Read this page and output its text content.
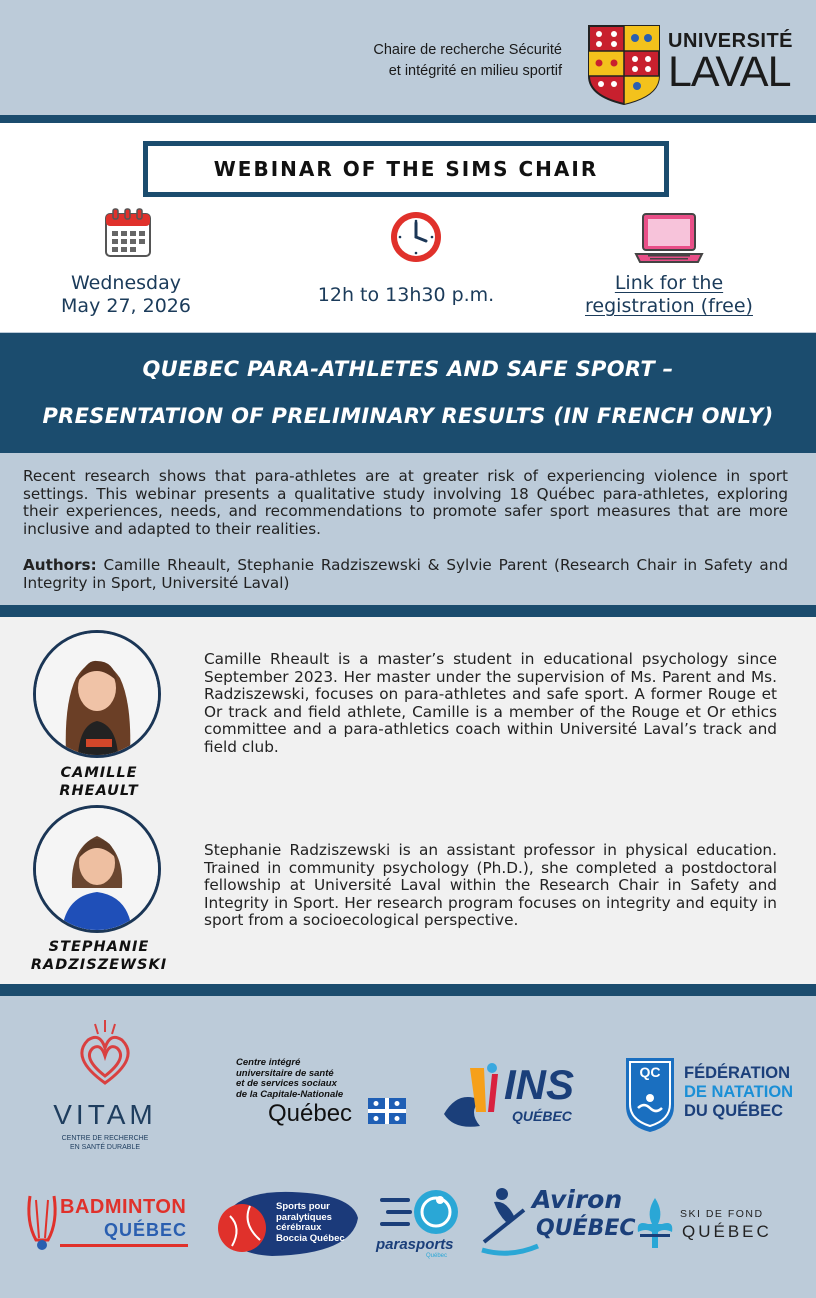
Chaire de recherche Sécurité
et intégrité en milieu sportif
UNIVERSITÉ
LAVAL
WEBINAR OF THE SIMS CHAIR
Wednesday
May 27, 2026	12h to 13h30 p.m.
Link for the
registration (free)
QUEBEC PARA-ATHLETES AND SAFE SPORT –
PRESENTATION OF PRELIMINARY RESULTS (IN FRENCH ONLY)

Recent research shows that para-athletes are at greater risk of experiencing violence in sport settings. This webinar presents a qualitative study involving 18 Québec para-athletes, exploring their experiences, needs, and recommendations to promote safer sport measures that are more inclusive and adapted to their realities.

Authors: Camille Rheault, Stephanie Radziszewski & Sylvie Parent (Research Chair in Safety and Integrity in Sport, Université Laval)

CAMILLE RHEAULT

Camille Rheault is a master’s student in educational psychology since September 2023. Her master under the supervision of Ms. Parent and Ms. Radziszewski, focuses on para-athletes and safe sport. A former Rouge et Or track and field athlete, Camille is a member of the Rouge et Or ethics committee and a para-athletics coach within Université Laval’s track and field club.

STEPHANIE
RADZISZEWSKI

Stephanie Radziszewski is an assistant professor in physical education. Trained in community psychology (Ph.D.), she completed a postdoctoral fellowship at Université Laval within the Research Chair in Safety and Integrity in Sport. Her research program focuses on integrity and equity in sport from a socioecological perspective.

VITAM
CENTRE DE RECHERCHE
EN SANTÉ DURABLE
Centre intégré
universitaire de santé
et de services sociaux
de la Capitale-Nationale
Québec
INS
QUÉBEC
QC FÉDÉRATION
DE NATATION
DU QUÉBEC
BADMINTON
QUÉBEC
Sports pour
paralytiques
cérébraux
Boccia Québec parasports
Québec
Aviron
QUÉBEC
SKI DE FOND
QUÉBEC
